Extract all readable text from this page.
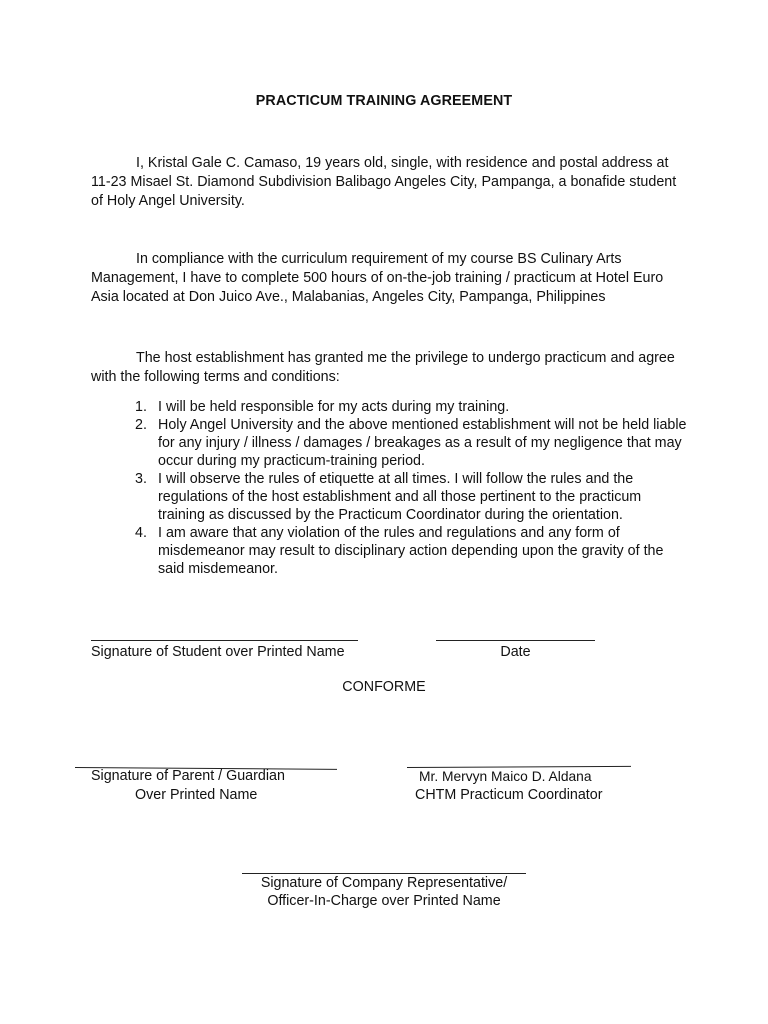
PRACTICUM TRAINING AGREEMENT

I, Kristal Gale C. Camaso, 19 years old, single, with residence and postal address at 11-23 Misael St. Diamond Subdivision Balibago Angeles City, Pampanga, a bonafide student of Holy Angel University.

In compliance with the curriculum requirement of my course BS Culinary Arts Management, I have to complete 500 hours of on-the-job training / practicum at Hotel Euro Asia located at Don Juico Ave., Malabanias, Angeles City, Pampanga, Philippines

The host establishment has granted me the privilege to undergo practicum and agree with the following terms and conditions:

1. I will be held responsible for my acts during my training.
2. Holy Angel University and the above mentioned establishment will not be held liable for any injury / illness / damages / breakages as a result of my negligence that may occur during my practicum-training period.
3. I will observe the rules of etiquette at all times. I will follow the rules and the regulations of the host establishment and all those pertinent to the practicum training as discussed by the Practicum Coordinator during the orientation.
4. I am aware that any violation of the rules and regulations and any form of misdemeanor may result to disciplinary action depending upon the gravity of the said misdemeanor.
Signature of Student over Printed Name	Date
CONFORME
Signature of Parent / Guardian
Over Printed Name
Mr. Mervyn Maico D. Aldana
CHTM Practicum Coordinator
Signature of Company Representative/
Officer-In-Charge over Printed Name
